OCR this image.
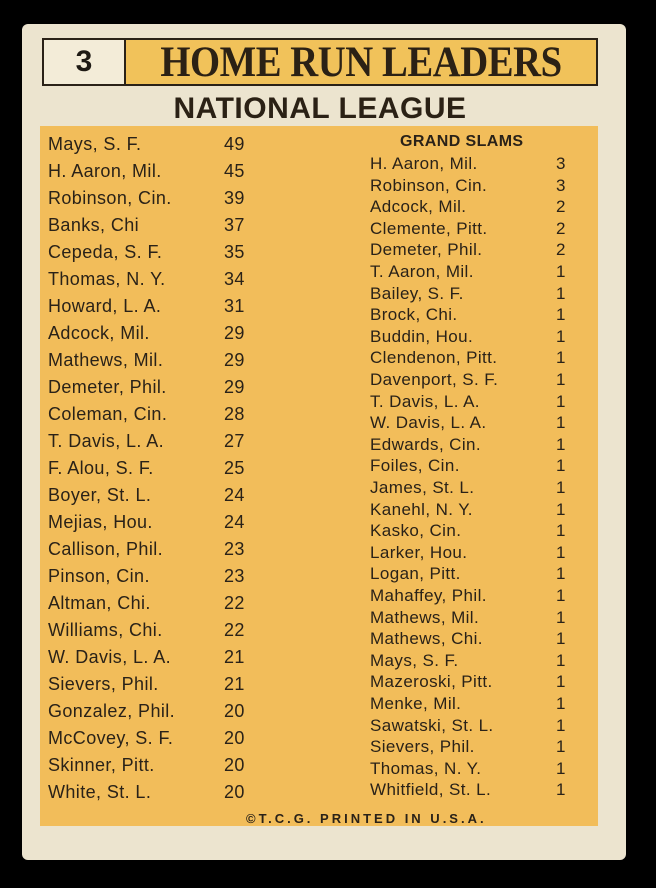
3	HOME RUN LEADERS
NATIONAL LEAGUE
Mays, S. F.	49
H. Aaron, Mil.	45
Robinson, Cin.	39
Banks, Chi	37
Cepeda, S. F.	35
Thomas, N. Y.	34
Howard, L. A.	31
Adcock, Mil.	29
Mathews, Mil.	29
Demeter, Phil.	29
Coleman, Cin.	28
T. Davis, L. A.	27
F. Alou, S. F.	25
Boyer, St. L.	24
Mejias, Hou.	24
Callison, Phil.	23
Pinson, Cin.	23
Altman, Chi.	22
Williams, Chi.	22
W. Davis, L. A.	21
Sievers, Phil.	21
Gonzalez, Phil.	20
McCovey, S. F.	20
Skinner, Pitt.	20
White, St. L.	20
GRAND SLAMS
H. Aaron, Mil.	3
Robinson, Cin.	3
Adcock, Mil.	2
Clemente, Pitt.	2
Demeter, Phil.	2
T. Aaron, Mil.	1
Bailey, S. F.	1
Brock, Chi.	1
Buddin, Hou.	1
Clendenon, Pitt.	1
Davenport, S. F.	1
T. Davis, L. A.	1
W. Davis, L. A.	1
Edwards, Cin.	1
Foiles, Cin.	1
James, St. L.	1
Kanehl, N. Y.	1
Kasko, Cin.	1
Larker, Hou.	1
Logan, Pitt.	1
Mahaffey, Phil.	1
Mathews, Mil.	1
Mathews, Chi.	1
Mays, S. F.	1
Mazeroski, Pitt.	1
Menke, Mil.	1
Sawatski, St. L.	1
Sievers, Phil.	1
Thomas, N. Y.	1
Whitfield, St. L.	1
©T.C.G. PRINTED IN U.S.A.
